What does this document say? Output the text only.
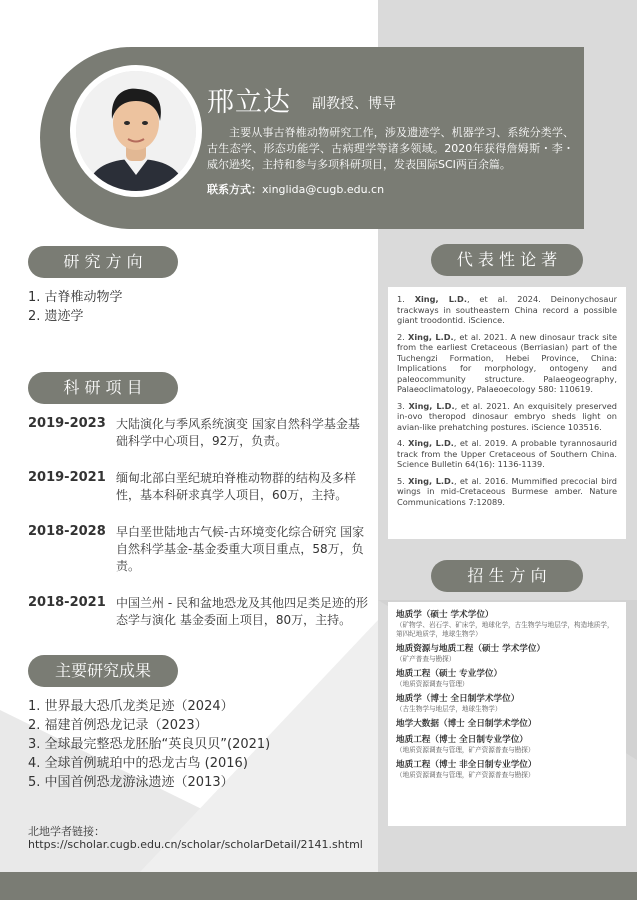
邢立达 副教授、博导
主要从事古脊椎动物研究工作，涉及遗迹学、机器学习、系统分类学、古生态学、形态功能学、古病理学等诸多领域。2020年获得詹姆斯・李・威尔逊奖，主持和参与多项科研项目，发表国际SCI两百余篇。
联系方式：xinglida@cugb.edu.cn
研 究 方 向
1. 古脊椎动物学
2. 遗迹学
科 研 项 目
2019-2023 大陆演化与季风系统演变 国家自然科学基金基础科学中心项目，92万，负责。
2019-2021 缅甸北部白垩纪琥珀脊椎动物群的结构及多样性，基本科研求真学人项目，60万，主持。
2018-2028 早白垩世陆地古气候-古环境变化综合研究 国家自然科学基金-基金委重大项目重点，58万，负责。
2018-2021 中国兰州 - 民和盆地恐龙及其他四足类足迹的形态学与演化 基金委面上项目，80万，主持。
主要研究成果
1. 世界最大恐爪龙类足迹（2024）
2. 福建首例恐龙记录（2023）
3. 全球最完整恐龙胚胎“英良贝贝”(2021)
4. 全球首例琥珀中的恐龙古鸟 (2016)
5. 中国首例恐龙游泳遗迹（2013）
北地学者链接：
https://scholar.cugb.edu.cn/scholar/scholarDetail/2141.shtml
代 表 性 论 著
1. Xing, L.D., et al. 2024. Deinonychosaur trackways in southeastern China record a possible giant troodontid. iScience.
2. Xing, L.D., et al. 2021. A new dinosaur track site from the earliest Cretaceous (Berriasian) part of the Tuchengzi Formation, Hebei Province, China: Implications for morphology, ontogeny and paleocommunity structure. Palaeogeography, Palaeoclimatology, Palaeoecology 580: 110619.
3. Xing, L.D., et al. 2021. An exquisitely preserved in-ovo theropod dinosaur embryo sheds light on avian-like prehatching postures. iScience 103516.
4. Xing, L.D., et al. 2019. A probable tyrannosaurid track from the Upper Cretaceous of Southern China. Science Bulletin 64(16): 1136-1139.
5. Xing, L.D., et al. 2016. Mummified precocial bird wings in mid-Cretaceous Burmese amber. Nature Communications 7:12089.
招 生 方 向
地质学（硕士 学术学位）
（矿物学、岩石学、矿床学，地球化学，古生物学与地层学，构造地质学，第四纪地质学，地球生物学）
地质资源与地质工程（硕士 学术学位）
（矿产普查与勘探）
地质工程（硕士 专业学位）
（地质资源调查与管理）
地质学（博士 全日制学术学位）
（古生物学与地层学，地球生物学）
地学大数据（博士 全日制学术学位）
地质工程（博士 全日制专业学位）
（地质资源调查与管理，矿产资源普查与勘探）
地质工程（博士 非全日制专业学位）
（地质资源调查与管理，矿产资源普查与勘探）
